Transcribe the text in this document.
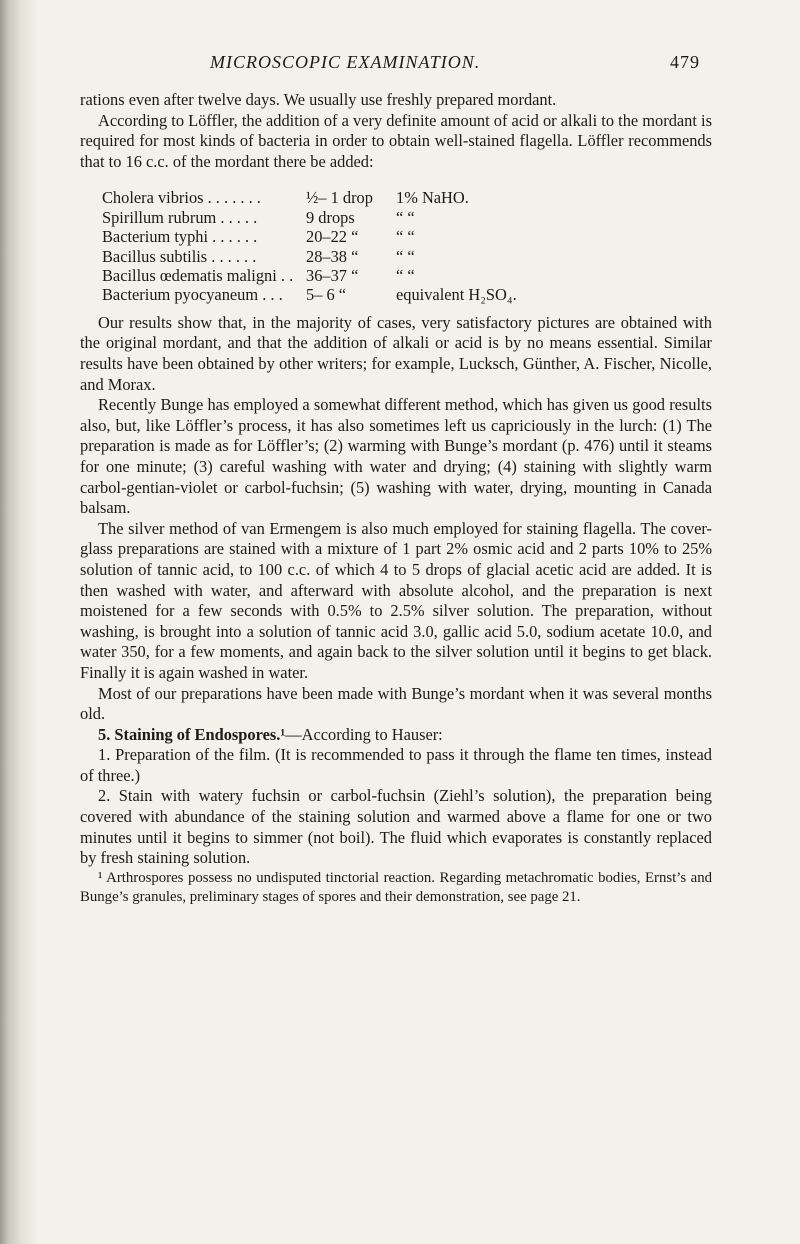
MICROSCOPIC EXAMINATION.	479

rations even after twelve days. We usually use freshly prepared mordant.

According to Löffler, the addition of a very definite amount of acid or alkali to the mordant is required for most kinds of bacteria in order to obtain well-stained flagella. Löffler recommends that to 16 c.c. of the mordant there be added:

Cholera vibrios . . . . . . .	½– 1 drop	1% NaHO.
Spirillum rubrum . . . . .	9 drops	“ “
Bacterium typhi . . . . . .	20–22 “	“ “
Bacillus subtilis . . . . . .	28–38 “	“ “
Bacillus œdematis maligni . . 36–37 “	“ “
Bacterium pyocyaneum . . .	5– 6 “	equivalent H₂SO₄.

Our results show that, in the majority of cases, very satisfactory pictures are obtained with the original mordant, and that the addition of alkali or acid is by no means essential. Similar results have been obtained by other writers; for example, Lucksch, Günther, A. Fischer, Nicolle, and Morax.

Recently Bunge has employed a somewhat different method, which has given us good results also, but, like Löffler’s process, it has also sometimes left us capriciously in the lurch: (1) The preparation is made as for Löffler’s; (2) warming with Bunge’s mordant (p. 476) until it steams for one minute; (3) careful washing with water and drying; (4) staining with slightly warm carbol-gentian-violet or carbol-fuchsin; (5) washing with water, drying, mounting in Canada balsam.

The silver method of van Ermengem is also much employed for staining flagella. The cover-glass preparations are stained with a mixture of 1 part 2% osmic acid and 2 parts 10% to 25% solution of tannic acid, to 100 c.c. of which 4 to 5 drops of glacial acetic acid are added. It is then washed with water, and afterward with absolute alcohol, and the preparation is next moistened for a few seconds with 0.5% to 2.5% silver solution. The preparation, without washing, is brought into a solution of tannic acid 3.0, gallic acid 5.0, sodium acetate 10.0, and water 350, for a few moments, and again back to the silver solution until it begins to get black. Finally it is again washed in water.

Most of our preparations have been made with Bunge’s mordant when it was several months old.

5. Staining of Endospores.¹—According to Hauser:

1. Preparation of the film. (It is recommended to pass it through the flame ten times, instead of three.)

2. Stain with watery fuchsin or carbol-fuchsin (Ziehl’s solution), the preparation being covered with abundance of the staining solution and warmed above a flame for one or two minutes until it begins to simmer (not boil). The fluid which evaporates is constantly replaced by fresh staining solution.

¹ Arthrospores possess no undisputed tinctorial reaction. Regarding metachromatic bodies, Ernst’s and Bunge’s granules, preliminary stages of spores and their demonstration, see page 21.
